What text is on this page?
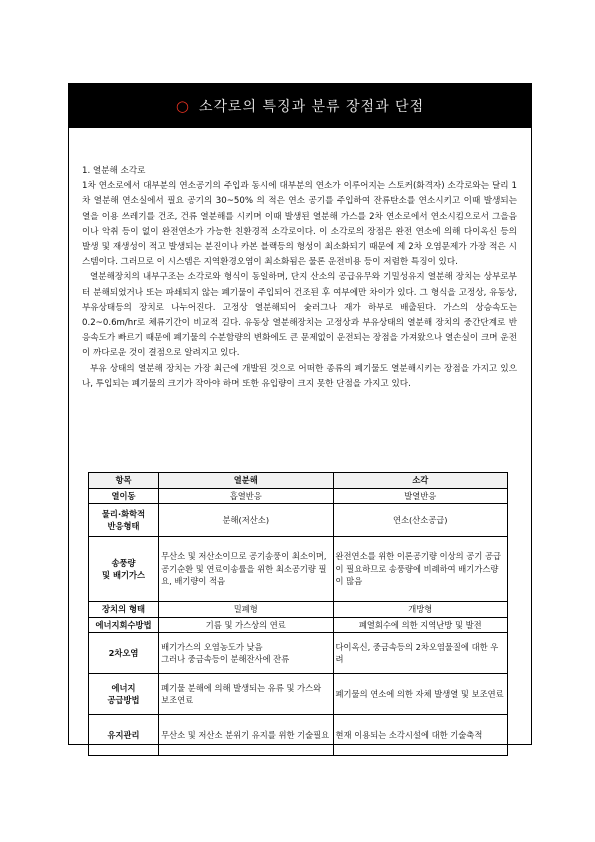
○ 소각로의 특징과 분류 장점과 단점

1. 열분해 소각로

1차 연소로에서 대부분의 연소공기의 주입과 동시에 대부분의 연소가 이루어지는 스토커(화격자) 소각로와는 달리 1차 열분해 연소실에서 필요 공기의 30~50% 의 적은 연소 공기를 주입하여 잔류탄소를 연소시키고 이때 발생되는 열을 이용 쓰레기를 건조, 건류 열분해를 시키며 이때 발생된 열분해 가스를 2차 연소로에서 연소시킴으로서 그을음이나 악취 등이 없이 완전연소가 가능한 친환경적 소각로이다. 이 소각로의 장점은 완전 연소에 의해 다이옥신 등의 발생 및 재생성이 적고 발생되는 분진이나 카본 블랙등의 형성이 최소화되기 때문에 제 2차 오염문제가 가장 적은 시스템이다. 그러므로 이 시스템은 지역환경오염이 최소화됨은 물론 운전비용 등이 저렴한 특징이 있다.

열분해장치의 내부구조는 소각로와 형식이 동일하며, 단지 산소의 공급유무와 기밀성유지 열분해 장치는 상부로부터 분해되었거나 또는 파쇄되지 않는 폐기물이 주입되어 건조된 후 여부에만 차이가 있다. 그 형식을 고정상, 유동상, 부유상태등의 장치로 나누어진다. 고정상 열분해되어 숯러그나 재가 하부로 배출된다. 가스의 상승속도는 0.2~0.6m/hr로 체류기간이 비교적 길다. 유동상 열분해장치는 고정상과 부유상태의 열분해 장치의 중간단계로 반응속도가 빠르기 때문에 폐기물의 수분함량의 변화에도 큰 문제없이 운전되는 장점을 가져왔으나 열손실이 크며 운전이 까다로운 것이 결점으로 알려지고 있다.

부유 상태의 열분해 장치는 가장 최근에 개발된 것으로 어떠한 종류의 폐기물도 열분해시키는 장점을 가지고 있으나, 투입되는 폐기물의 크기가 작아야 하며 또한 유입량이 크지 못한 단점을 가지고 있다.

항목	열분해	소각
열이동	흡열반응	발열반응
물리·화학적
반응형태	분해(저산소)	연소(산소공급)
송풍량
및 배기가스	무산소 및 저산소이므로 공기송풍이 최소이며, 공기순환 및 연료이송률을 위한 최소공기량 필요, 배기량이 적음	완전연소를 위한 이론공기량 이상의 공기 공급이 필요하므로 송풍량에 비례하여 배기가스량이 많음
장치의 형태	밀폐형	개방형
에너지회수방법	기름 및 가스상의 연료	폐열회수에 의한 지역난방 및 발전
2차오염	배기가스의 오염농도가 낮음
그러나 중금속등이 분해잔사에 잔류	다이옥신, 중금속등의 2차오염물질에 대한 우려
에너지
공급방법	폐기물 분해에 의해 발생되는 유류 및 가스와 보조연료	폐기물의 연소에 의한 자체 발생열 및 보조연료
유지관리	무산소 및 저산소 분위기 유지를 위한 기술필요	현재 이용되는 소각시설에 대한 기술축적
